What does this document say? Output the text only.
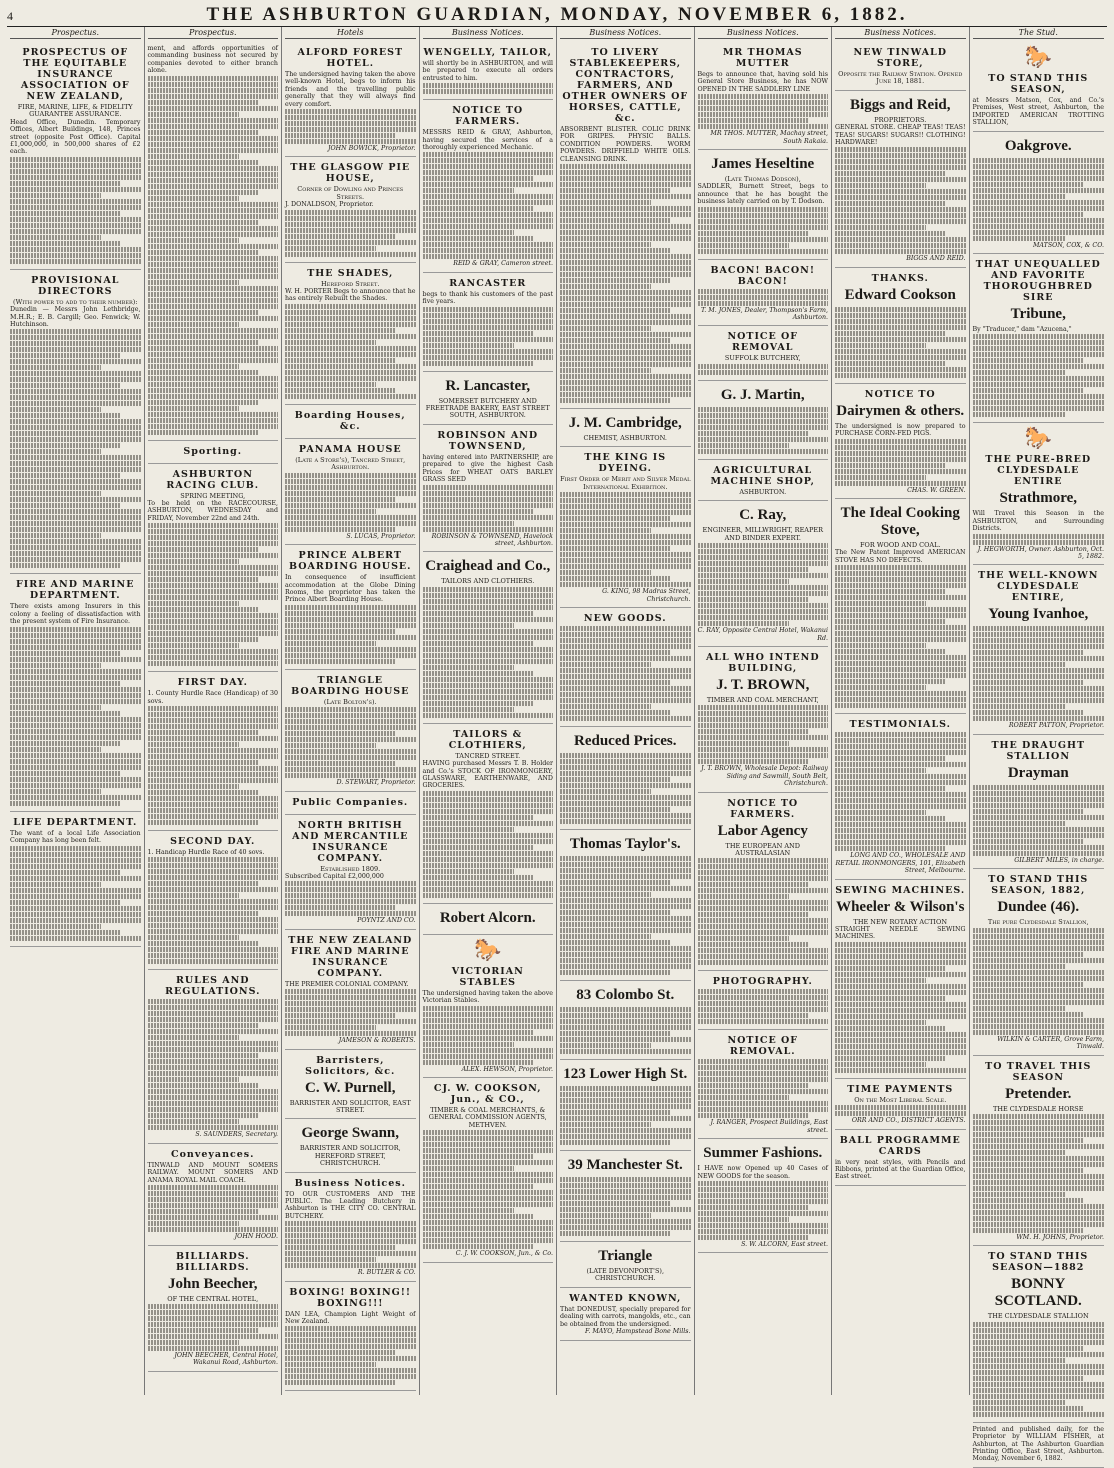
4	THE ASHBURTON GUARDIAN, MONDAY, NOVEMBER 6, 1882.
Prospectus.
PROSPECTUS OF THE EQUITABLE INSURANCE ASSOCIATION OF NEW ZEALAND,
FIRE, MARINE, LIFE, & FIDELITY GUARANTEE ASSURANCE.
Head Office, Dunedin. Temporary Offices, Albert Buildings, 148, Princes street (opposite Post Office). Capital £1,000,000, in 500,000 shares of £2 each.
PROVISIONAL DIRECTORS
(With power to add to their number):
Dunedin — Messrs John Lethbridge, M.H.R.; E. B. Cargill; Geo. Fenwick; W. Hutchinson.
FIRE AND MARINE DEPARTMENT.
There exists among Insurers in this colony a feeling of dissatisfaction with the present system of Fire Insurance.
LIFE DEPARTMENT.
The want of a local Life Association Company has long been felt.
Prospectus.
ment, and affords opportunities of commanding business not secured by companies devoted to either branch alone.
Sporting.
ASHBURTON RACING CLUB.
SPRING MEETING,
To be held on the RACECOURSE, ASHBURTON, WEDNESDAY and FRIDAY, November 22nd and 24th.
FIRST DAY.
1. County Hurdle Race (Handicap) of 30 sovs.
SECOND DAY.
1. Handicap Hurdle Race of 40 sovs.
RULES AND REGULATIONS.
S. SAUNDERS, Secretary.
Conveyances.
TINWALD AND MOUNT SOMERS RAILWAY. MOUNT SOMERS AND ANAMA ROYAL MAIL COACH.
JOHN HOOD.
BILLIARDS. BILLIARDS.
John Beecher,
OF THE CENTRAL HOTEL,
JOHN BEECHER, Central Hotel, Wakanui Road, Ashburton.
Hotels
ALFORD FOREST HOTEL.
The undersigned having taken the above well-known Hotel, begs to inform his friends and the travelling public generally that they will always find every comfort.
JOHN BOWICK, Proprietor.
THE GLASGOW PIE HOUSE,
Corner of Dowling and Princes Streets.
J. DONALDSON, Proprietor.
THE SHADES,
Hereford Street.
W. H. PORTER Begs to announce that he has entirely Rebuilt the Shades.
Boarding Houses, &c.
PANAMA HOUSE
(Late a Store's), Tancred Street, Ashburton.
S. LUCAS, Proprietor.
PRINCE ALBERT BOARDING HOUSE.
In consequence of insufficient accommodation at the Globe Dining Rooms, the proprietor has taken the Prince Albert Boarding House.
TRIANGLE BOARDING HOUSE
(Late Bolton's).
D. STEWART, Proprietor.
Public Companies.
NORTH BRITISH AND MERCANTILE INSURANCE COMPANY.
Established 1809.
Subscribed Capital £2,000,000
POYNTZ AND CO.
THE NEW ZEALAND FIRE AND MARINE INSURANCE COMPANY.
THE PREMIER COLONIAL COMPANY.
JAMESON & ROBERTS.
Barristers, Solicitors, &c.
C. W. Purnell,
BARRISTER AND SOLICITOR, EAST STREET.
George Swann,
BARRISTER AND SOLICITOR, HEREFORD STREET, CHRISTCHURCH.
Business Notices.
TO OUR CUSTOMERS AND THE PUBLIC. The Leading Butchery in Ashburton is THE CITY CO. CENTRAL BUTCHERY.
R. BUTLER & CO.
BOXING! BOXING!! BOXING!!!
DAN LEA, Champion Light Weight of New Zealand.
Business Notices.
WENGELLY, TAILOR,
will shortly be in ASHBURTON, and will be prepared to execute all orders entrusted to him.
NOTICE TO FARMERS.
MESSRS REID & GRAY, Ashburton, having secured the services of a thoroughly experienced Mechanic.
REID & GRAY, Cameron street.
RANCASTER
begs to thank his customers of the past five years.
R. Lancaster,
SOMERSET BUTCHERY AND FREETRADE BAKERY, EAST STREET SOUTH, ASHBURTON.
ROBINSON AND TOWNSEND,
having entered into PARTNERSHIP, are prepared to give the highest Cash Prices for WHEAT OATS BARLEY GRASS SEED
ROBINSON & TOWNSEND, Havelock street, Ashburton.
Craighead and Co.,
TAILORS AND CLOTHIERS.
TAILORS & CLOTHIERS,
TANCRED STREET.
HAVING purchased Messrs T. B. Holder and Co.'s STOCK OF IRONMONGERY, GLASSWARE, EARTHENWARE, AND GROCERIES.
Robert Alcorn.
🐎
VICTORIAN STABLES
The undersigned having taken the above Victorian Stables.
ALEX. HEWSON, Proprietor.
CJ. W. COOKSON, Jun., & CO.,
TIMBER & COAL MERCHANTS, & GENERAL COMMISSION AGENTS, METHVEN.
C. J. W. COOKSON, Jun., & Co.
Business Notices.
TO LIVERY STABLEKEEPERS, CONTRACTORS, FARMERS, AND OTHER OWNERS OF HORSES, CATTLE, &c.
ABSORBENT BLISTER. COLIC DRINK FOR GRIPES. PHYSIC BALLS. CONDITION POWDERS. WORM POWDERS. DRIFFIELD WHITE OILS. CLEANSING DRINK.
J. M. Cambridge,
CHEMIST, ASHBURTON.
THE KING IS DYEING.
First Order of Merit and Silver Medal International Exhibition.
G. KING, 98 Madras Street, Christchurch.
NEW GOODS.
Reduced Prices.
Thomas Taylor's.
83 Colombo St.
123 Lower High St.
39 Manchester St.
Triangle
(LATE DEVONPORT'S), CHRISTCHURCH.
WANTED KNOWN,
That DONEDUST, specially prepared for dealing with carrots, mangolds, etc., can be obtained from the undersigned.
F. MAYO, Hampstead Bone Mills.
Business Notices.
MR THOMAS MUTTER
Begs to announce that, having sold his General Store Business, he has NOW OPENED IN THE SADDLERY LINE
MR THOS. MUTTER, Machay street, South Rakaia.
James Heseltine
(Late Thomas Dodson),
SADDLER, Burnett Street, begs to announce that he has bought the business lately carried on by T. Dodson.
BACON! BACON! BACON!
T. M. JONES, Dealer, Thompson's Farm, Ashburton.
NOTICE OF REMOVAL
SUFFOLK BUTCHERY,
G. J. Martin,
AGRICULTURAL MACHINE SHOP,
ASHBURTON.
C. Ray,
ENGINEER, MILLWRIGHT, REAPER AND BINDER EXPERT.
C. RAY, Opposite Central Hotel, Wakanui Rd.
ALL WHO INTEND BUILDING,
J. T. BROWN,
TIMBER AND COAL MERCHANT,
J. T. BROWN, Wholesale Depot: Railway Siding and Sawmill, South Belt, Christchurch.
NOTICE TO FARMERS.
Labor Agency
THE EUROPEAN AND AUSTRALASIAN
PHOTOGRAPHY.
NOTICE OF REMOVAL.
J. RANGER, Prospect Buildings, East street.
Summer Fashions.
I HAVE now Opened up 40 Cases of NEW GOODS for the season.
S. W. ALCORN, East street.
Business Notices.
NEW TINWALD STORE,
Opposite the Railway Station. Opened June 18, 1881.
Biggs and Reid,
PROPRIETORS.
GENERAL STORE. CHEAP TEAS! TEAS! TEAS! SUGARS! SUGARS!! CLOTHING! HARDWARE!
BIGGS AND REID.
THANKS.
Edward Cookson
NOTICE TO
Dairymen & others.
The undersigned is now prepared to PURCHASE CORN-FED PIGS.
CHAS. W. GREEN.
The Ideal Cooking Stove,
FOR WOOD AND COAL.
The New Patent Improved AMERICAN STOVE HAS NO DEFECTS.
TESTIMONIALS.
LONG AND CO., WHOLESALE AND RETAIL IRONMONGERS, 101, Elizabeth Street, Melbourne.
SEWING MACHINES.
Wheeler & Wilson's
THE NEW ROTARY ACTION
STRAIGHT NEEDLE SEWING MACHINES.
TIME PAYMENTS
On the Most Liberal Scale.
ORR AND CO., DISTRICT AGENTS.
BALL PROGRAMME CARDS
in very neat styles, with Pencils and Ribbons, printed at the Guardian Office, East street.
The Stud.
🐎
TO STAND THIS SEASON,
at Messrs Matson, Cox, and Co.'s Premises, West street, Ashburton, the IMPORTED AMERICAN TROTTING STALLION,
Oakgrove.
MATSON, COX, & CO.
THAT UNEQUALLED AND FAVORITE THOROUGHBRED SIRE
Tribune,
By "Traducer," dam "Azucena,"
🐎
THE PURE-BRED CLYDESDALE ENTIRE
Strathmore,
Will Travel this Season in the ASHBURTON, and Surrounding Districts.
J. HEGWORTH, Owner. Ashburton, Oct. 5, 1882.
THE WELL-KNOWN CLYDESDALE ENTIRE,
Young Ivanhoe,
ROBERT PATTON, Proprietor.
THE DRAUGHT STALLION
Drayman
GILBERT MILES, in charge.
TO STAND THIS SEASON, 1882,
Dundee (46).
The pure Clydesdale Stallion,
WILKIN & CARTER, Grove Farm, Tinwald.
TO TRAVEL THIS SEASON
Pretender.
THE CLYDESDALE HORSE
WM. H. JOHNS, Proprietor.
TO STAND THIS SEASON—1882
BONNY SCOTLAND.
THE CLYDESDALE STALLION
Printed and published daily, for the Proprietor by WILLIAM FISHER, at Ashburton, at The Ashburton Guardian Printing Office, East Street, Ashburton. Monday, November 6, 1882.
